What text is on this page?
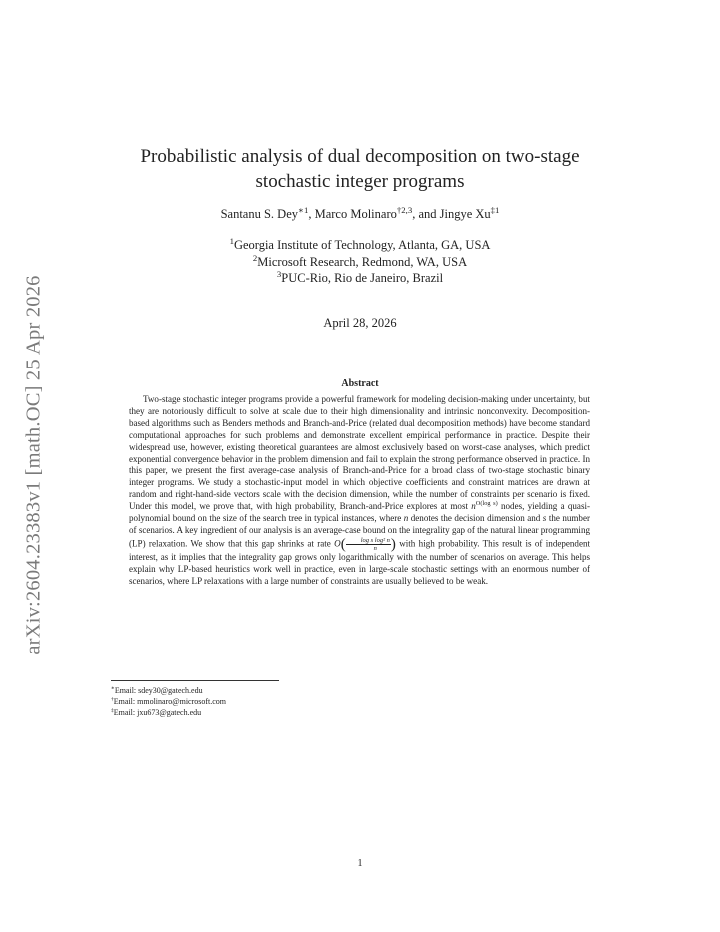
arXiv:2604.23383v1 [math.OC] 25 Apr 2026
Probabilistic analysis of dual decomposition on two-stage
stochastic integer programs
Santanu S. Dey$^{∗1}$, Marco Molinaro$^{\dagger 2,3}$, and Jingye Xu$^{\ddagger 1}$
$^1$Georgia Institute of Technology, Atlanta, GA, USA
$^2$Microsoft Research, Redmond, WA, USA
$^3$PUC-Rio, Rio de Janeiro, Brazil
April 28, 2026
Abstract

Two-stage stochastic integer programs provide a powerful framework for modeling decision-making under uncertainty, but they are notoriously difficult to solve at scale due to their high dimensionality and intrinsic nonconvexity. Decomposition-based algorithms such as Benders methods and Branch-and-Price (related dual decomposition methods) have become standard computational approaches for such problems and demonstrate excellent empirical performance in practice. Despite their widespread use, however, existing theoretical guarantees are almost exclusively based on worst-case analyses, which predict exponential convergence behavior in the problem dimension and fail to explain the strong performance observed in practice. In this paper, we present the first average-case analysis of Branch-and-Price for a broad class of two-stage stochastic binary integer programs. We study a stochastic-input model in which objective coefficients and constraint matrices are drawn at random and right-hand-side vectors scale with the decision dimension, while the number of constraints per scenario is fixed. Under this model, we prove that, with high probability, Branch-and-Price explores at most $n^{O(log s)}$ nodes, yielding a quasi-polynomial bound on the size of the search tree in typical instances, where n denotes the decision dimension and s the number of scenarios. A key ingredient of our analysis is an average-case bound on the integrality gap of the natural linear programming (LP) relaxation. We show that this gap shrinks at rate $O( \frac{\text{log s log² n}}{n}$ ) with high probability. This result is of independent interest, as it implies that the integrality gap grows only logarithmically with the number of scenarios on average. This helps explain why LP-based heuristics work well in practice, even in large-scale stochastic settings with an enormous number of scenarios, where LP relaxations with a large number of constraints are usually believed to be weak.

∗Email: sdey30@gatech.edu
†Email: mmolinaro@microsoft.com
‡Email: jxu673@gatech.edu
1
